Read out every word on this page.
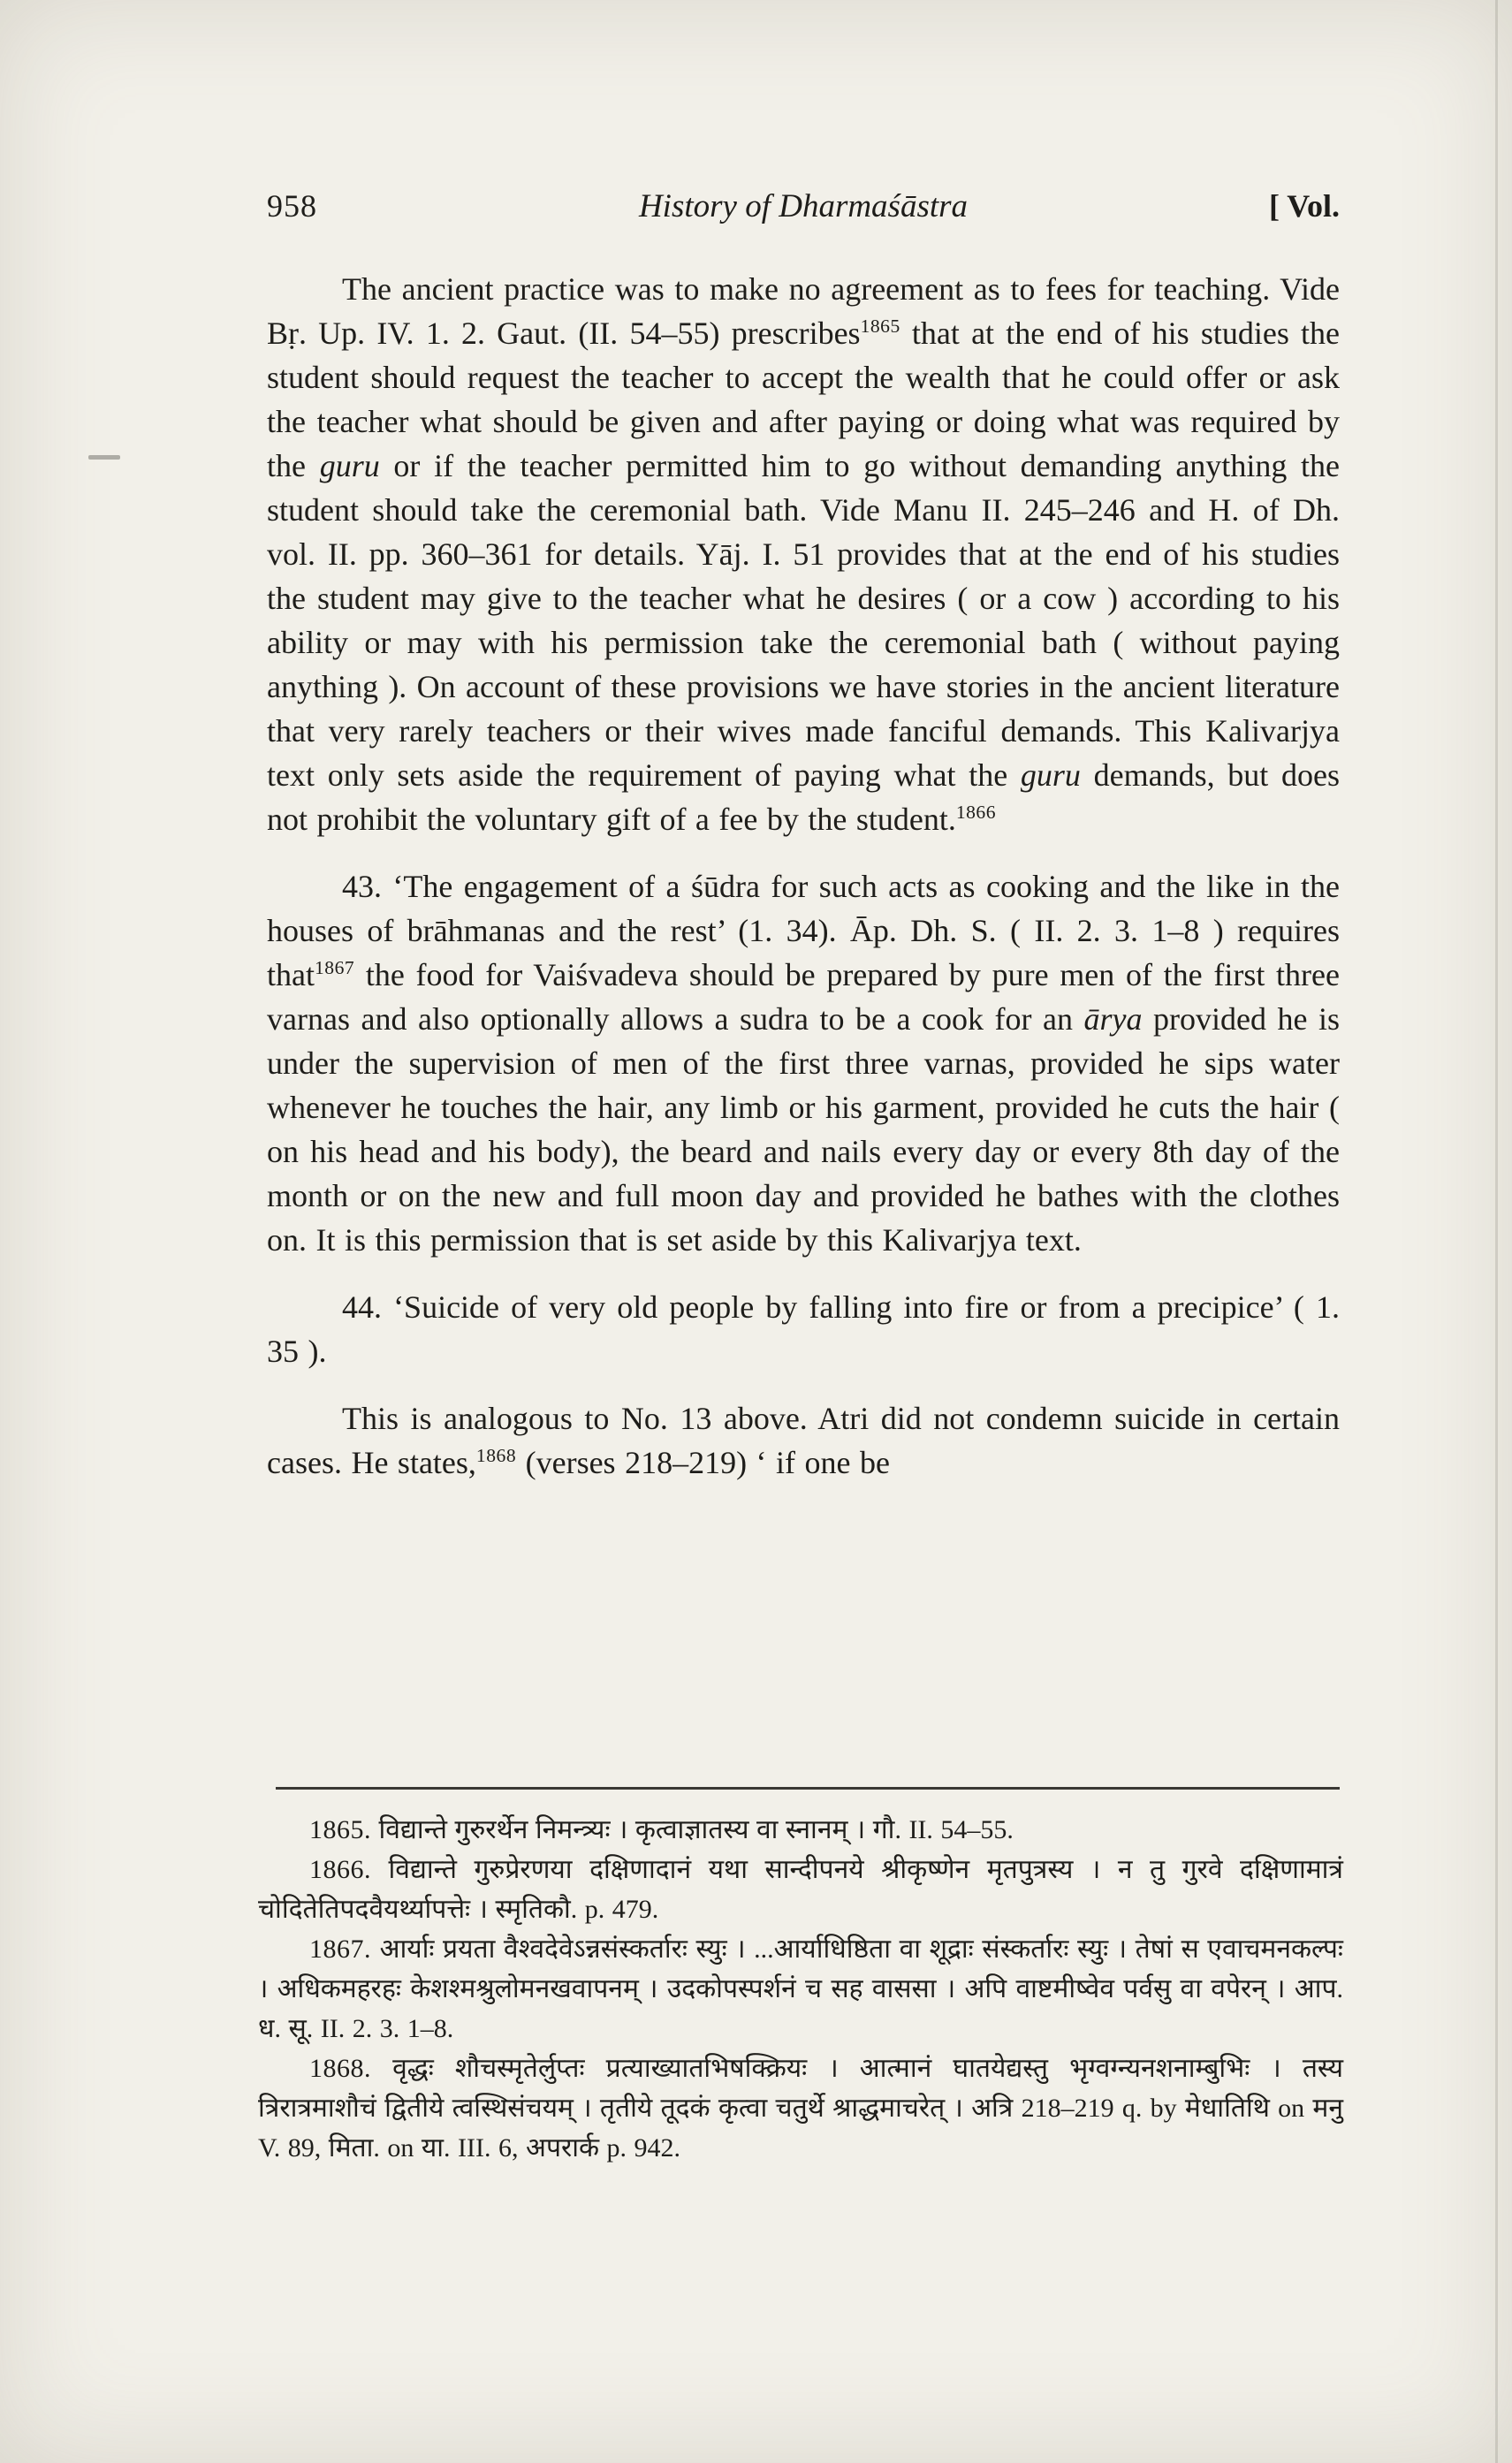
958	History of Dharmaśāstra	[ Vol.

The ancient practice was to make no agreement as to fees for teaching. Vide Bṛ. Up. IV. 1. 2. Gaut. (II. 54–55) prescribes$^{1865}$ that at the end of his studies the student should request the teacher to accept the wealth that he could offer or ask the teacher what should be given and after paying or doing what was required by the guru or if the teacher permitted him to go without demanding anything the student should take the ceremonial bath. Vide Manu II. 245–246 and H. of Dh. vol. II. pp. 360–361 for details. Yāj. I. 51 provides that at the end of his studies the student may give to the teacher what he desires ( or a cow ) according to his ability or may with his permission take the ceremonial bath ( without paying anything ). On account of these provisions we have stories in the ancient literature that very rarely teachers or their wives made fanciful demands. This Kalivarjya text only sets aside the requirement of paying what the guru demands, but does not prohibit the voluntary gift of a fee by the student.$^{1866}$

43. ‘The engagement of a śūdra for such acts as cooking and the like in the houses of brāhmanas and the rest’ (1. 34). Āp. Dh. S. ( II. 2. 3. 1–8 ) requires that$^{1867}$ the food for Vaiśvadeva should be prepared by pure men of the first three varnas and also optionally allows a sudra to be a cook for an ārya provided he is under the supervision of men of the first three varnas, provided he sips water whenever he touches the hair, any limb or his garment, provided he cuts the hair ( on his head and his body), the beard and nails every day or every 8th day of the month or on the new and full moon day and provided he bathes with the clothes on. It is this permission that is set aside by this Kalivarjya text.

44. ‘Suicide of very old people by falling into fire or from a precipice’ ( 1. 35 ).

This is analogous to No. 13 above. Atri did not condemn suicide in certain cases. He states,$^{1868}$ (verses 218–219) ‘ if one be

1865. विद्यान्ते गुरुरर्थेन निमन्त्र्यः । कृत्वाज्ञातस्य वा स्नानम् । गौ. II. 54–55.

1866. विद्यान्ते गुरुप्रेरणया दक्षिणादानं यथा सान्दीपनये श्रीकृष्णेन मृतपुत्रस्य । न तु गुरवे दक्षिणामात्रं चोदितेतिपदवैयर्थ्यापत्तेः । स्मृतिकौ. p. 479.

1867. आर्याः प्रयता वैश्वदेवेऽन्नसंस्कर्तारः स्युः । ...आर्याधिष्ठिता वा शूद्राः संस्कर्तारः स्युः । तेषां स एवाचमनकल्पः । अधिकमहरहः केशश्मश्रुलोमनखवापनम् । उदकोपस्पर्शनं च सह वाससा । अपि वाष्टमीष्वेव पर्वसु वा वपेरन् । आप. ध. सू. II. 2. 3. 1–8.

1868. वृद्धः शौचस्मृतेर्लुप्तः प्रत्याख्यातभिषक्क्रियः । आत्मानं घातयेद्यस्तु भृग्वग्न्यनशनाम्बुभिः । तस्य त्रिरात्रमाशौचं द्वितीये त्वस्थिसंचयम् । तृतीये तूदकं कृत्वा चतुर्थे श्राद्धमाचरेत् । अत्रि 218–219 q. by मेधातिथि on मनु V. 89, मिता. on या. III. 6, अपरार्क p. 942.
